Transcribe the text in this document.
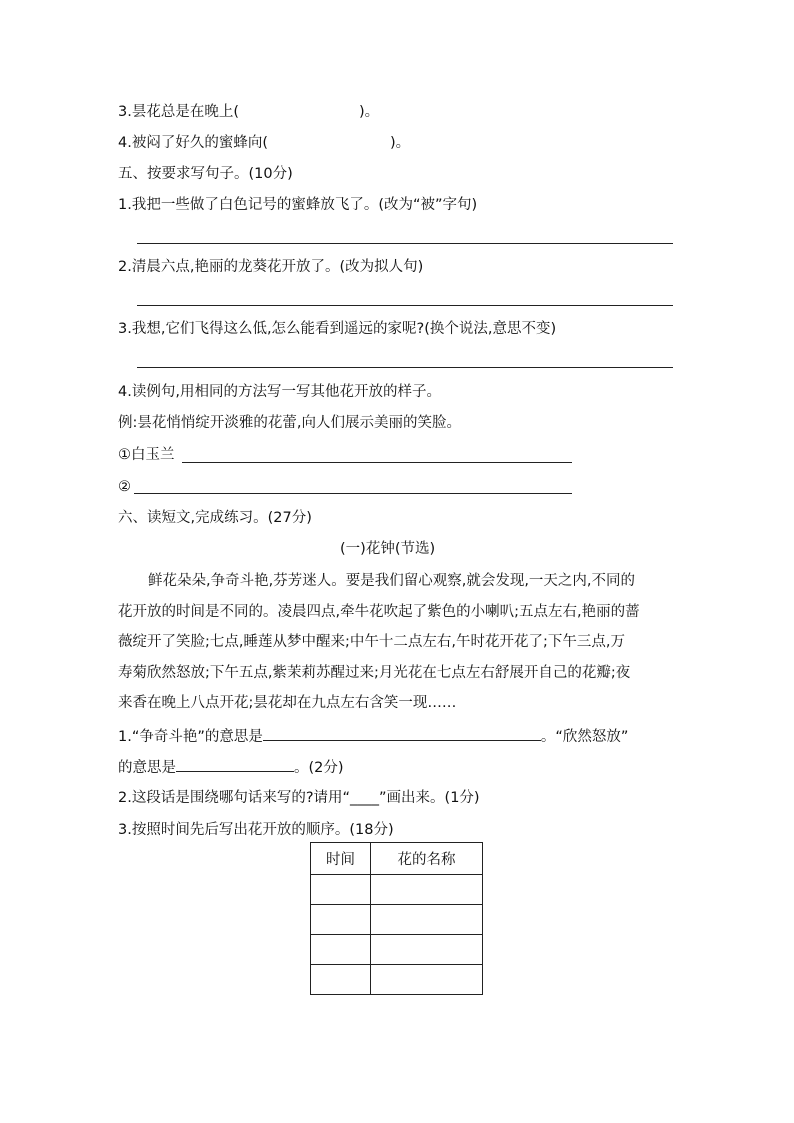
3.昙花总是在晚上(	)。
4.被闷了好久的蜜蜂向(	)。
五、按要求写句子。(10分)
1.我把一些做了白色记号的蜜蜂放飞了。(改为“被”字句)
2.清晨六点,艳丽的龙葵花开放了。(改为拟人句)
3.我想,它们飞得这么低,怎么能看到遥远的家呢?(换个说法,意思不变)
4.读例句,用相同的方法写一写其他花开放的样子。
例:昙花悄悄绽开淡雅的花蕾,向人们展示美丽的笑脸。
①白玉兰
②
六、读短文,完成练习。(27分)
(一)花钟(节选)
鲜花朵朵,争奇斗艳,芬芳迷人。要是我们留心观察,就会发现,一天之内,不同的
花开放的时间是不同的。凌晨四点,牵牛花吹起了紫色的小喇叭;五点左右,艳丽的蔷
薇绽开了笑脸;七点,睡莲从梦中醒来;中午十二点左右,午时花开花了;下午三点,万
寿菊欣然怒放;下午五点,紫茉莉苏醒过来;月光花在七点左右舒展开自己的花瓣;夜
来香在晚上八点开花;昙花却在九点左右含笑一现……
1.“争奇斗艳”的意思是	。“欣然怒放”
的意思是	。(2分)
2.这段话是围绕哪句话来写的?请用“____”画出来。(1分)
3.按照时间先后写出花开放的顺序。(18分)
时间	花的名称
